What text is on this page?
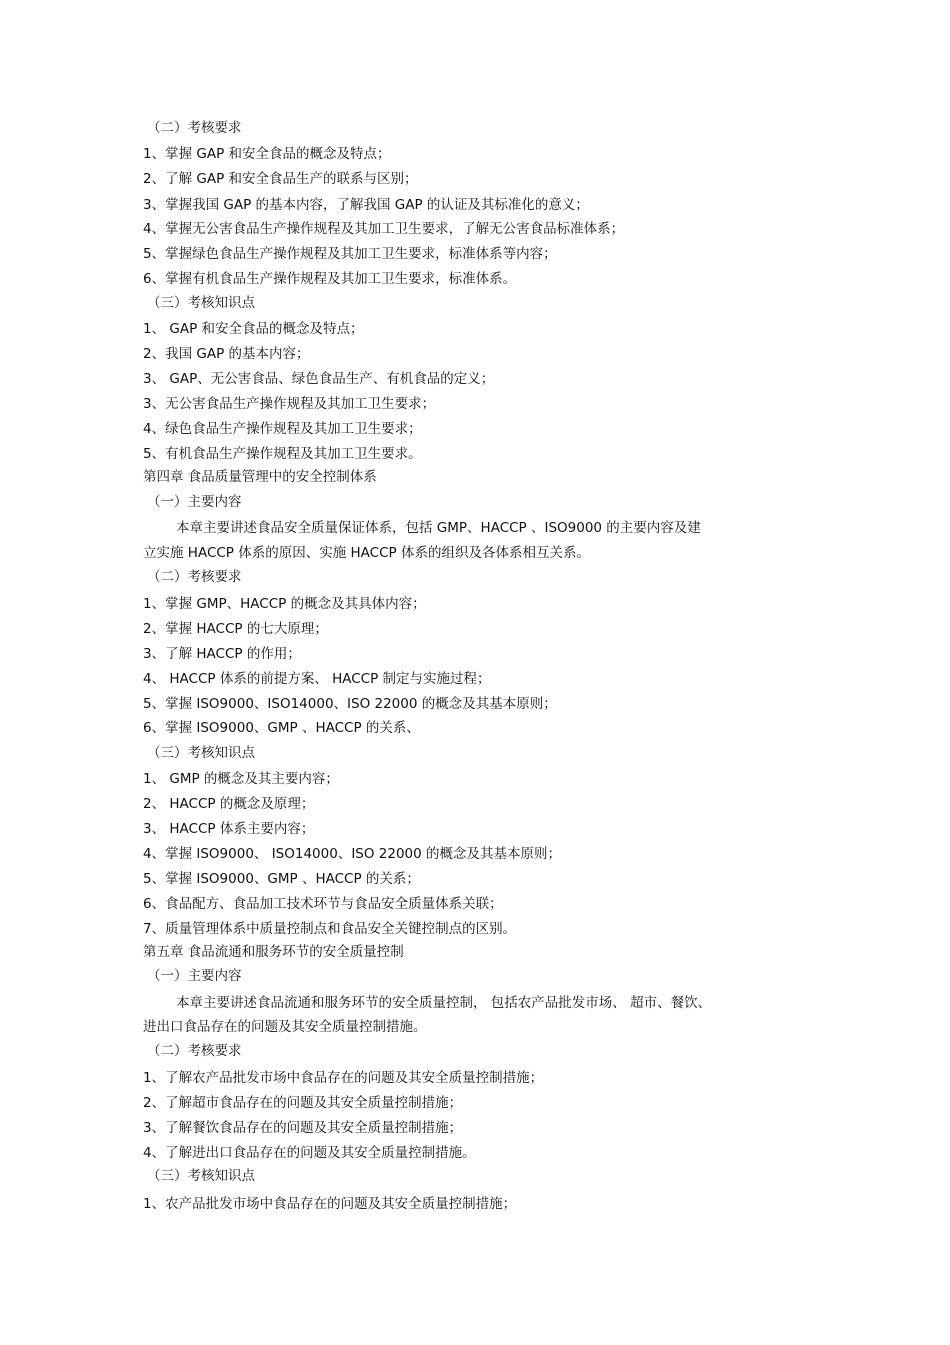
（二）考核要求
1、掌握 GAP 和安全食品的概念及特点；
2、了解 GAP 和安全食品生产的联系与区别；
3、掌握我国 GAP 的基本内容，了解我国 GAP 的认证及其标准化的意义；
4、掌握无公害食品生产操作规程及其加工卫生要求，了解无公害食品标准体系；
5、掌握绿色食品生产操作规程及其加工卫生要求，标准体系等内容；
6、掌握有机食品生产操作规程及其加工卫生要求，标准体系。
（三）考核知识点
1、 GAP 和安全食品的概念及特点；
2、我国 GAP 的基本内容；
3、 GAP、无公害食品、绿色食品生产、有机食品的定义；
3、无公害食品生产操作规程及其加工卫生要求；
4、绿色食品生产操作规程及其加工卫生要求；
5、有机食品生产操作规程及其加工卫生要求。
第四章 食品质量管理中的安全控制体系
（一）主要内容
本章主要讲述食品安全质量保证体系，包括 GMP、HACCP 、ISO9000 的主要内容及建
立实施 HACCP 体系的原因、实施 HACCP 体系的组织及各体系相互关系。
（二）考核要求
1、掌握 GMP、HACCP 的概念及其具体内容；
2、掌握 HACCP 的七大原理；
3、了解 HACCP 的作用；
4、 HACCP 体系的前提方案、 HACCP 制定与实施过程；
5、掌握 ISO9000、ISO14000、ISO 22000 的概念及其基本原则；
6、掌握 ISO9000、GMP 、HACCP 的关系、
（三）考核知识点
1、 GMP 的概念及其主要内容；
2、 HACCP 的概念及原理；
3、 HACCP 体系主要内容；
4、掌握 ISO9000、 ISO14000、ISO 22000 的概念及其基本原则；
5、掌握 ISO9000、GMP 、HACCP 的关系；
6、食品配方、食品加工技术环节与食品安全质量体系关联；
7、质量管理体系中质量控制点和食品安全关键控制点的区别。
第五章 食品流通和服务环节的安全质量控制
（一）主要内容
本章主要讲述食品流通和服务环节的安全质量控制， 包括农产品批发市场、 超市、餐饮、
进出口食品存在的问题及其安全质量控制措施。
（二）考核要求
1、了解农产品批发市场中食品存在的问题及其安全质量控制措施；
2、了解超市食品存在的问题及其安全质量控制措施；
3、了解餐饮食品存在的问题及其安全质量控制措施；
4、了解进出口食品存在的问题及其安全质量控制措施。
（三）考核知识点
1、农产品批发市场中食品存在的问题及其安全质量控制措施；
